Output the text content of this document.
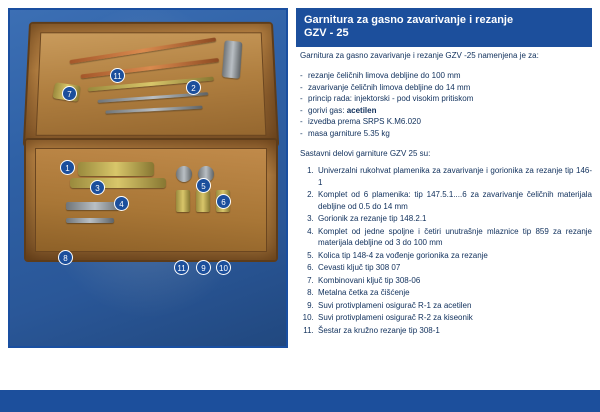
1
2
3
4
5
6
7
8
9	10
11
11
Garnitura za gasno zavarivanje i rezanje
GZV - 25

Garnitura za gasno zavarivanje i rezanje GZV -25 namenjena je za:

- rezanje čeličnih limova debljine do 100 mm
- zavarivanje čeličnih limova debljine do 14 mm
- princip rada: injektorski - pod visokim pritiskom
- gorivi gas: acetilen
- izvedba prema SRPS K.M6.020
- masa garniture 5.35 kg

Sastavni delovi garniture GZV 25 su:

1. Univerzalni rukohvat plamenika za zavarivanje i gorionika za rezanje tip 146-1
2. Komplet od 6 plamenika: tip 147.5.1....6 za zavarivanje čeličnih materijala debljine od 0.5 do 14 mm
3. Gorionik za rezanje tip 148.2.1
4. Komplet od jedne spoljne i četiri unutrašnje mlaznice tip 859 za rezanje materijala debljine od 3 do 100 mm
5. Kolica tip 148-4 za vođenje gorionika za rezanje
6. Cevasti ključ tip 308 07
7. Kombinovani ključ tip 308-06
8. Metalna četka za čišćenje
9. Suvi protivplameni osigurač R-1 za acetilen
10. Suvi protivplameni osigurač R-2 za kiseonik
11. Šestar za kružno rezanje tip 308-1
